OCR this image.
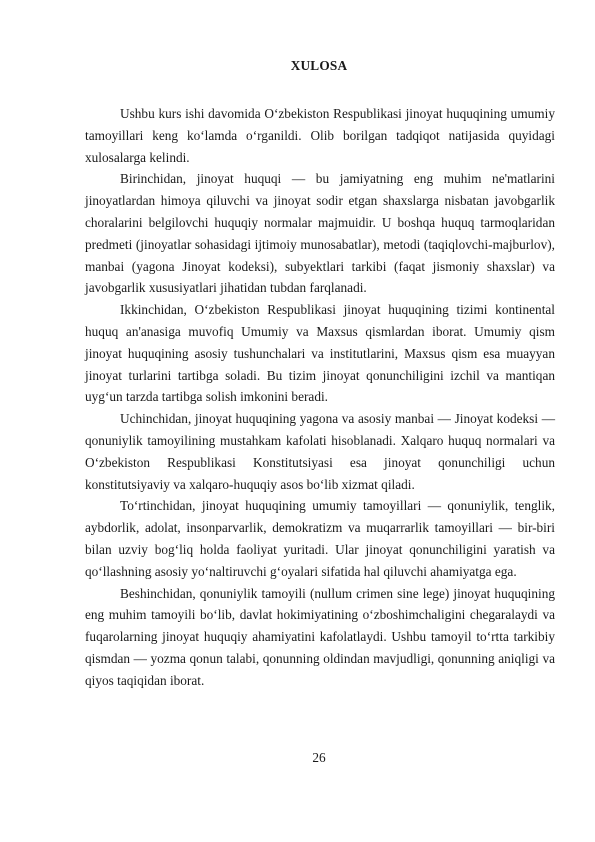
XULOSA

Ushbu kurs ishi davomida O‘zbekiston Respublikasi jinoyat huquqining umumiy tamoyillari keng ko‘lamda o‘rganildi. Olib borilgan tadqiqot natijasida quyidagi xulosalarga kelindi.

Birinchidan, jinoyat huquqi — bu jamiyatning eng muhim ne'matlarini jinoyatlardan himoya qiluvchi va jinoyat sodir etgan shaxslarga nisbatan javobgarlik choralarini belgilovchi huquqiy normalar majmuidir. U boshqa huquq tarmoqlaridan predmeti (jinoyatlar sohasidagi ijtimoiy munosabatlar), metodi (taqiqlovchi-majburlov), manbai (yagona Jinoyat kodeksi), subyektlari tarkibi (faqat jismoniy shaxslar) va javobgarlik xususiyatlari jihatidan tubdan farqlanadi.

Ikkinchidan, O‘zbekiston Respublikasi jinoyat huquqining tizimi kontinental huquq an'anasiga muvofiq Umumiy va Maxsus qismlardan iborat. Umumiy qism jinoyat huquqining asosiy tushunchalari va institutlarini, Maxsus qism esa muayyan jinoyat turlarini tartibga soladi. Bu tizim jinoyat qonunchiligini izchil va mantiqan uyg‘un tarzda tartibga solish imkonini beradi.

Uchinchidan, jinoyat huquqining yagona va asosiy manbai — Jinoyat kodeksi — qonuniylik tamoyilining mustahkam kafolati hisoblanadi. Xalqaro huquq normalari va O‘zbekiston Respublikasi Konstitutsiyasi esa jinoyat qonunchiligi uchun konstitutsiyaviy va xalqaro-huquqiy asos bo‘lib xizmat qiladi.

To‘rtinchidan, jinoyat huquqining umumiy tamoyillari — qonuniylik, tenglik, aybdorlik, adolat, insonparvarlik, demokratizm va muqarrarlik tamoyillari — bir-biri bilan uzviy bog‘liq holda faoliyat yuritadi. Ular jinoyat qonunchiligini yaratish va qo‘llashning asosiy yo‘naltiruvchi g‘oyalari sifatida hal qiluvchi ahamiyatga ega.

Beshinchidan, qonuniylik tamoyili (nullum crimen sine lege) jinoyat huquqining eng muhim tamoyili bo‘lib, davlat hokimiyatining o‘zboshimchaligini chegaralaydi va fuqarolarning jinoyat huquqiy ahamiyatini kafolatlaydi. Ushbu tamoyil to‘rtta tarkibiy qismdan — yozma qonun talabi, qonunning oldindan mavjudligi, qonunning aniqligi va qiyos taqiqidan iborat.

26
